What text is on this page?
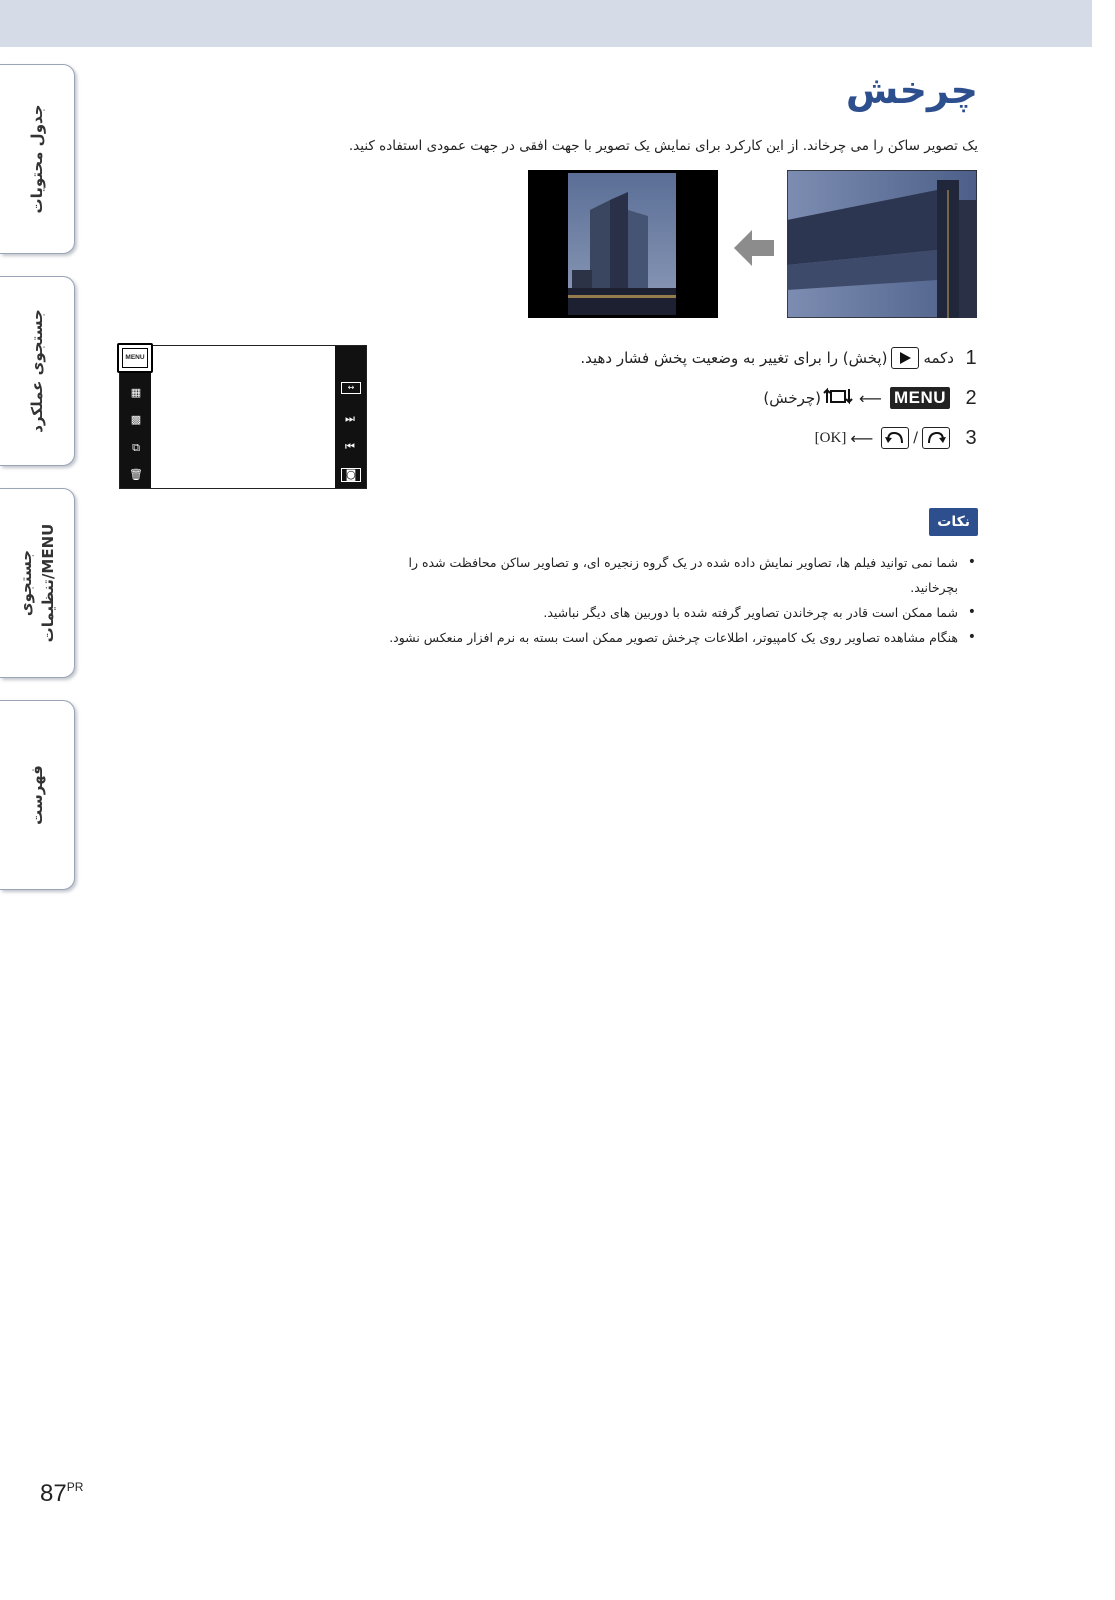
جدول محتویات
جستجوی عملکرد
جستجوی MENU/تنظیمات
فهرست
چرخش
یک تصویر ساکن را می چرخاند. از این کارکرد برای نمایش یک تصویر با جهت افقی در جهت عمودی استفاده کنید.
1
دکمه
(پخش) را برای تغییر به وضعیت پخش فشار دهید.
2
MENU
⟵
(چرخش)
3
/
⟵
[OK]
MENU
▦
▩
⧉
🗑
↔
⏭
⏮
◙
نکات
• شما نمی توانید فیلم ها، تصاویر نمایش داده شده در یک گروه زنجیره ای، و تصاویر ساکن محافظت شده را بچرخانید.
• شما ممکن است قادر به چرخاندن تصاویر گرفته شده با دوربین های دیگر نباشید.
• هنگام مشاهده تصاویر روی یک کامپیوتر، اطلاعات چرخش تصویر ممکن است بسته به نرم افزار منعکس نشود.
$87^{PR}$
